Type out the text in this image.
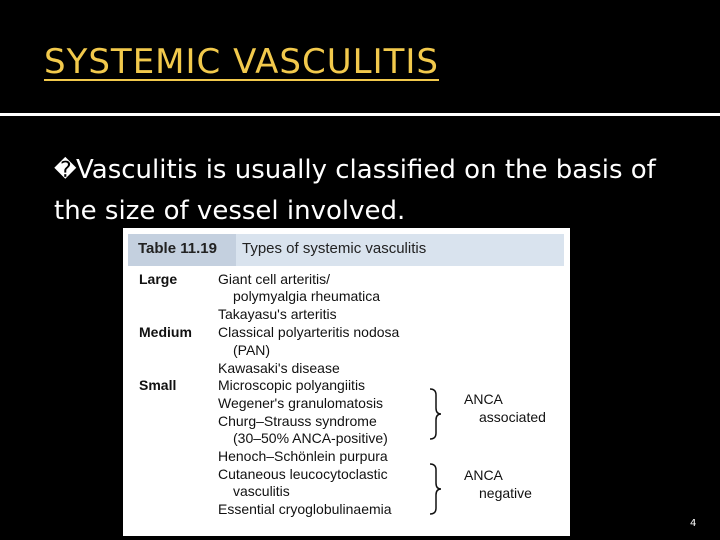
SYSTEMIC VASCULITIS
�Vasculitis is usually classified on the basis of the size of vessel involved.
Table 11.19 Types of systemic vasculitis
Large
Medium
Small
Giant cell arteritis/
polymyalgia rheumatica
Takayasu's arteritis
Classical polyarteritis nodosa
(PAN)
Kawasaki's disease
Microscopic polyangiitis
Wegener's granulomatosis
Churg–Strauss syndrome
(30–50% ANCA-positive)
Henoch–Schönlein purpura
Cutaneous leucocytoclastic
vasculitis
Essential cryoglobulinaemia
ANCA
associated
ANCA
negative
4
